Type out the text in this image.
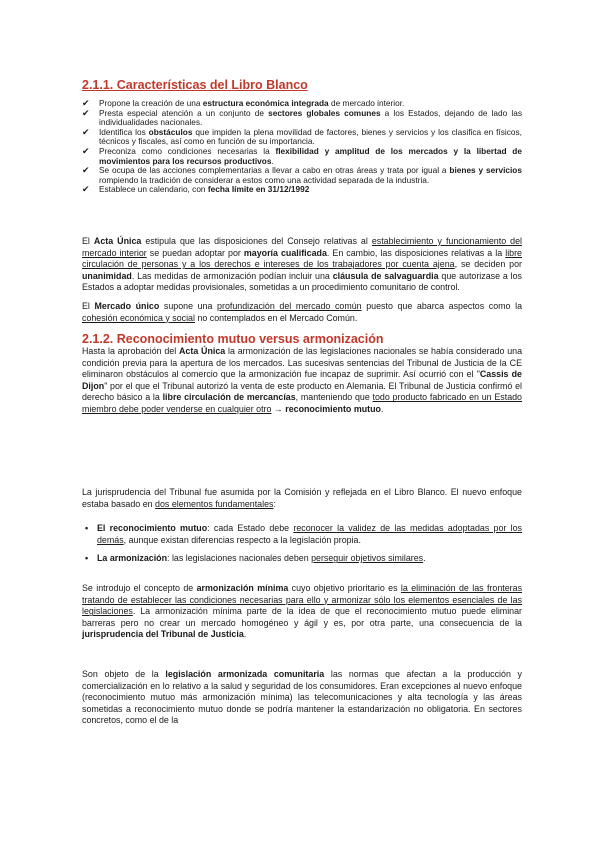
2.1.1. Características del Libro Blanco
✔ Propone la creación de una estructura económica integrada de mercado interior.
✔ Presta especial atención a un conjunto de sectores globales comunes a los Estados, dejando de lado las individualidades nacionales.
✔ Identifica los obstáculos que impiden la plena movilidad de factores, bienes y servicios y los clasifica en físicos, técnicos y fiscales, así como en función de su importancia.
✔ Preconiza como condiciones necesarias la flexibilidad y amplitud de los mercados y la libertad de movimientos para los recursos productivos.
✔ Se ocupa de las acciones complementarias a llevar a cabo en otras áreas y trata por igual a bienes y servicios rompiendo la tradición de considerar a estos como una actividad separada de la industria.
✔ Establece un calendario, con fecha límite en 31/12/1992

El Acta Única estipula que las disposiciones del Consejo relativas al establecimiento y funcionamiento del mercado interior se puedan adoptar por mayoría cualificada. En cambio, las disposiciones relativas a la libre circulación de personas y a los derechos e intereses de los trabajadores por cuenta ajena, se deciden por unanimidad. Las medidas de armonización podían incluir una cláusula de salvaguardia que autorizase a los Estados a adoptar medidas provisionales, sometidas a un procedimiento comunitario de control.

El Mercado único supone una profundización del mercado común puesto que abarca aspectos como la cohesión económica y social no contemplados en el Mercado Común.

2.1.2. Reconocimiento mutuo versus armonización

Hasta la aprobación del Acta Única la armonización de las legislaciones nacionales se había considerado una condición previa para la apertura de los mercados. Las sucesivas sentencias del Tribunal de Justicia de la CE eliminaron obstáculos al comercio que la armonización fue incapaz de suprimir. Así ocurrió con el "Cassis de Dijon" por el que el Tribunal autorizó la venta de este producto en Alemania. El Tribunal de Justicia confirmó el derecho básico a la libre circulación de mercancías, manteniendo que todo producto fabricado en un Estado miembro debe poder venderse en cualquier otro → reconocimiento mutuo.

La jurisprudencia del Tribunal fue asumida por la Comisión y reflejada en el Libro Blanco. El nuevo enfoque estaba basado en dos elementos fundamentales:

• El reconocimiento mutuo: cada Estado debe reconocer la validez de las medidas adoptadas por los demás, aunque existan diferencias respecto a la legislación propia.
• La armonización: las legislaciones nacionales deben perseguir objetivos similares.

Se introdujo el concepto de armonización mínima cuyo objetivo prioritario es la eliminación de las fronteras tratando de establecer las condiciones necesarias para ello y armonizar sólo los elementos esenciales de las legislaciones. La armonización mínima parte de la idea de que el reconocimiento mutuo puede eliminar barreras pero no crear un mercado homogéneo y ágil y es, por otra parte, una consecuencia de la jurisprudencia del Tribunal de Justicia.

Son objeto de la legislación armonizada comunitaria las normas que afectan a la producción y comercialización en lo relativo a la salud y seguridad de los consumidores. Eran excepciones al nuevo enfoque (reconocimiento mutuo más armonización mínima) las telecomunicaciones y alta tecnología y las áreas sometidas a reconocimiento mutuo donde se podría mantener la estandarización no obligatoria. En sectores concretos, como el de la
